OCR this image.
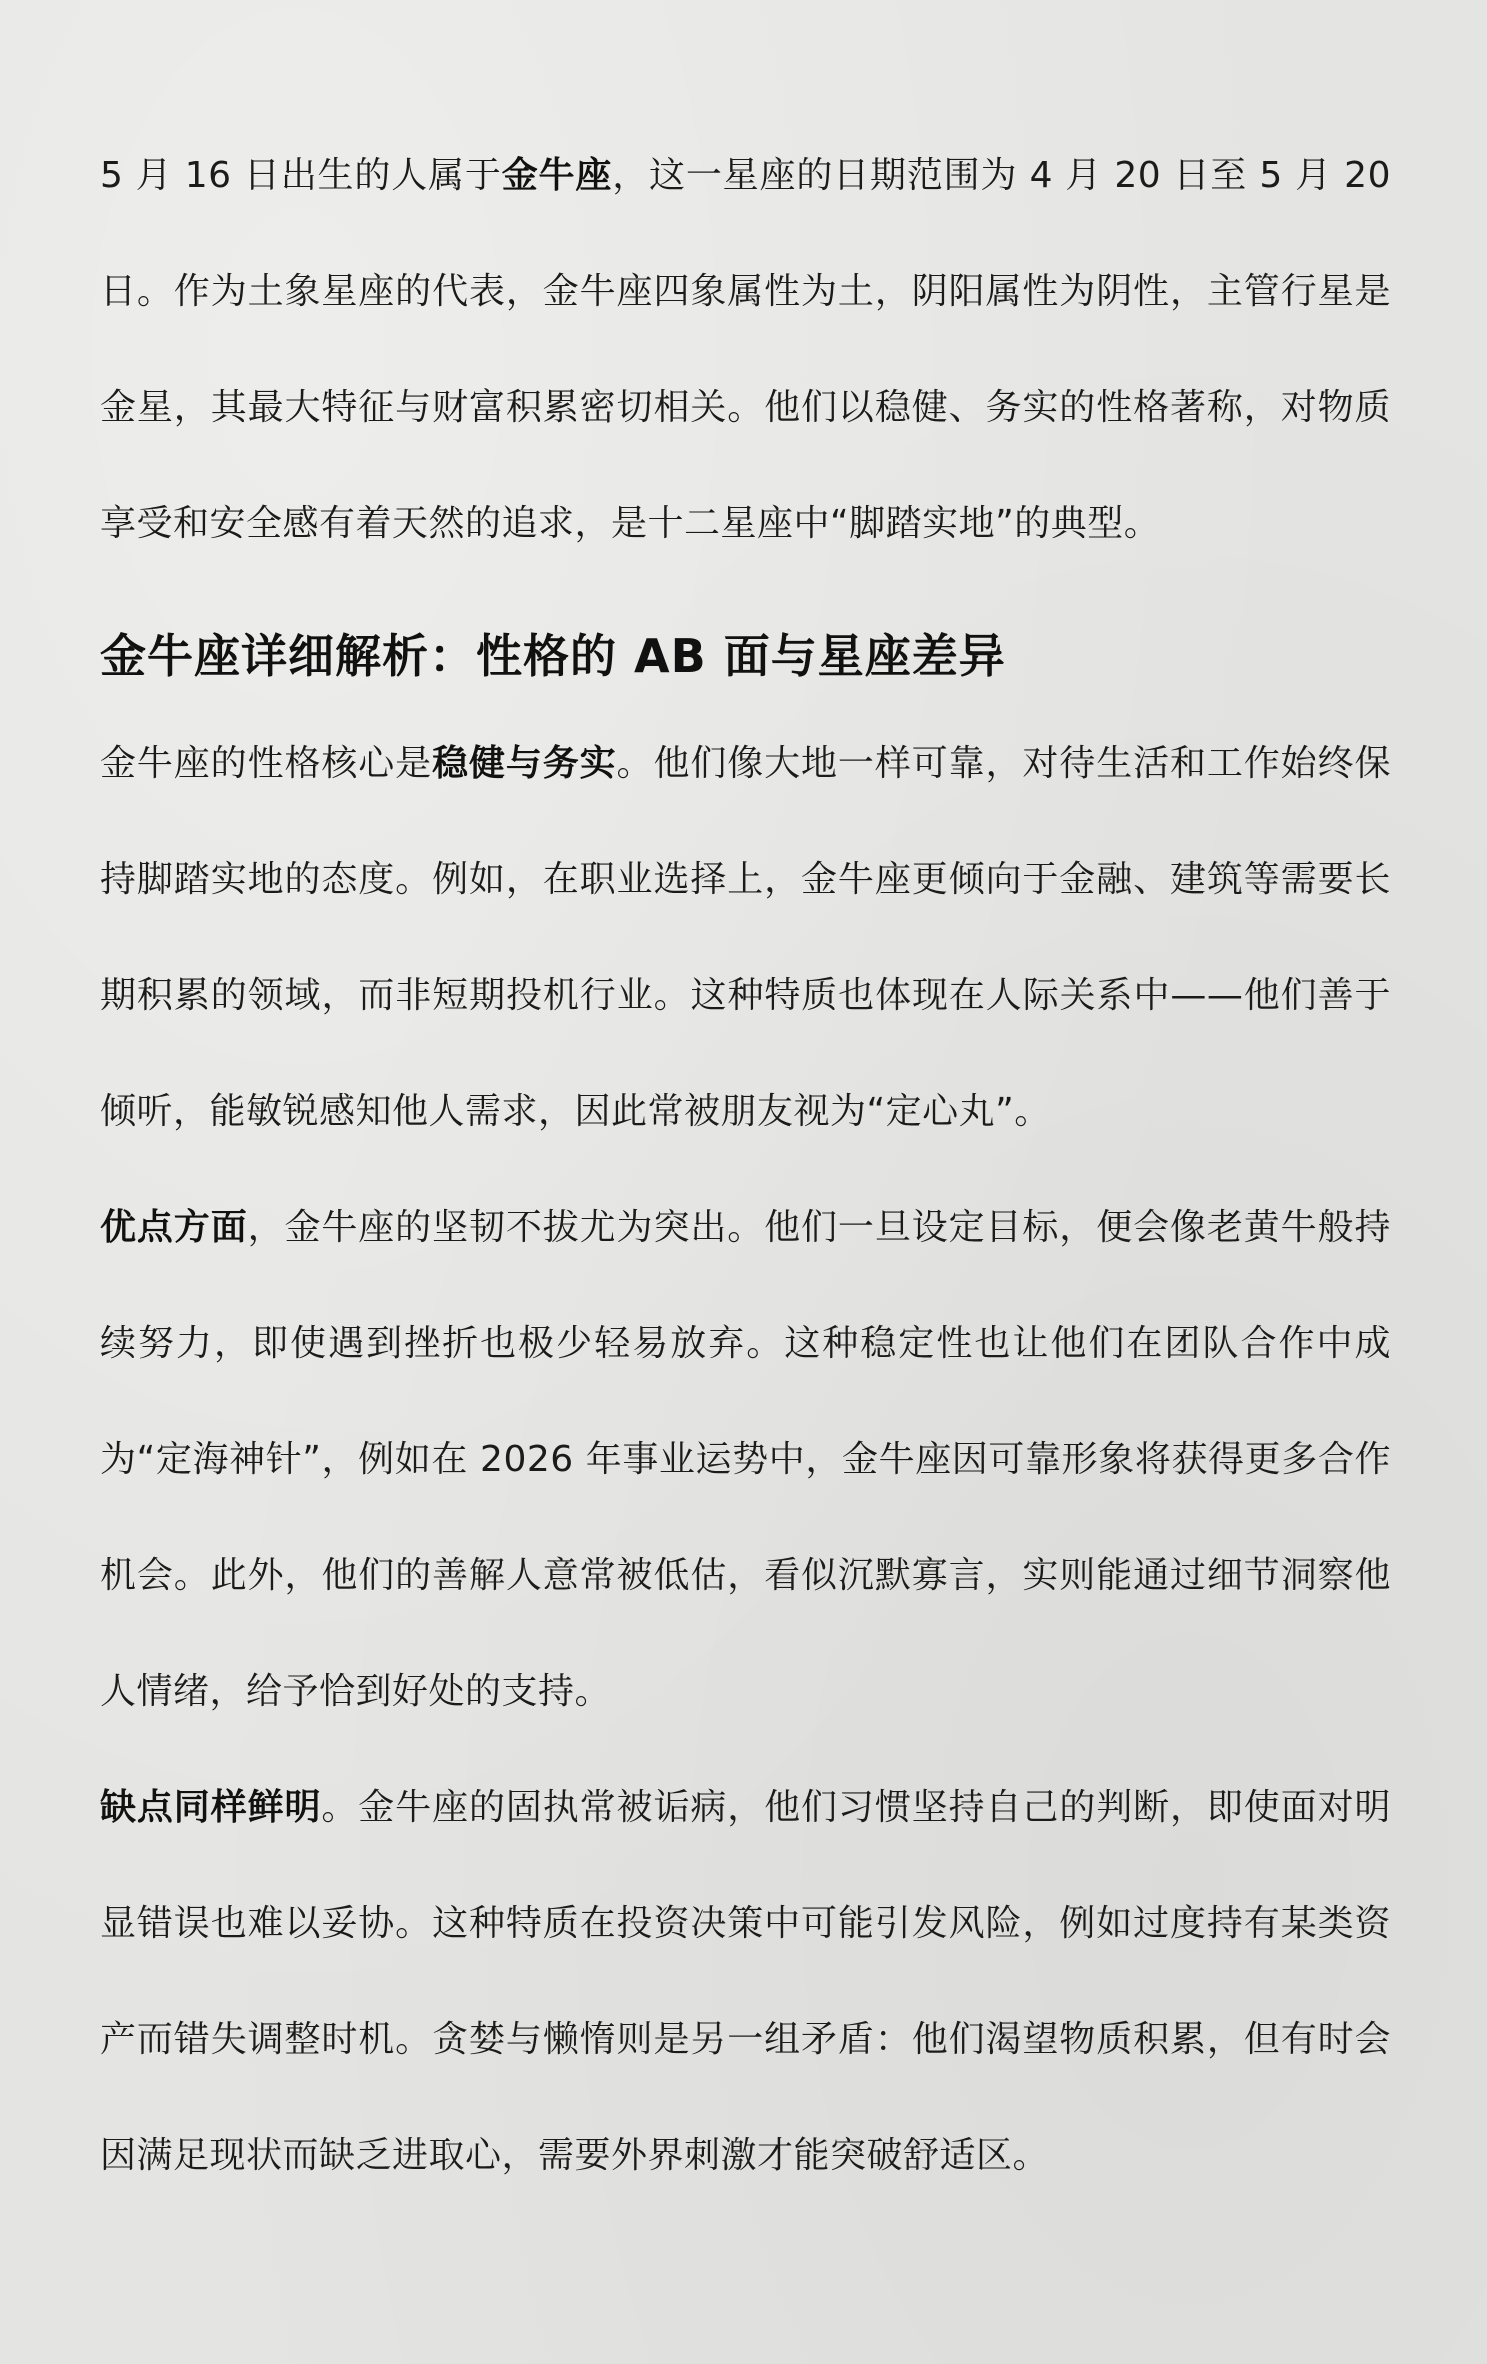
5 月 16 日出生的人属于金牛座，这一星座的日期范围为 4 月 20 日至 5 月 20 日。作为土象星座的代表，金牛座四象属性为土，阴阳属性为阴性，主管行星是金星，其最大特征与财富积累密切相关。他们以稳健、务实的性格著称，对物质享受和安全感有着天然的追求，是十二星座中“脚踏实地”的典型。

金牛座详细解析：性格的 AB 面与星座差异

金牛座的性格核心是稳健与务实。他们像大地一样可靠，对待生活和工作始终保持脚踏实地的态度。例如，在职业选择上，金牛座更倾向于金融、建筑等需要长期积累的领域，而非短期投机行业。这种特质也体现在人际关系中——他们善于倾听，能敏锐感知他人需求，因此常被朋友视为“定心丸”。

优点方面，金牛座的坚韧不拔尤为突出。他们一旦设定目标，便会像老黄牛般持续努力，即使遇到挫折也极少轻易放弃。这种稳定性也让他们在团队合作中成为“定海神针”，例如在 2026 年事业运势中，金牛座因可靠形象将获得更多合作机会。此外，他们的善解人意常被低估，看似沉默寡言，实则能通过细节洞察他人情绪，给予恰到好处的支持。

缺点同样鲜明。金牛座的固执常被诟病，他们习惯坚持自己的判断，即使面对明显错误也难以妥协。这种特质在投资决策中可能引发风险，例如过度持有某类资产而错失调整时机。贪婪与懒惰则是另一组矛盾：他们渴望物质积累，但有时会因满足现状而缺乏进取心，需要外界刺激才能突破舒适区。
